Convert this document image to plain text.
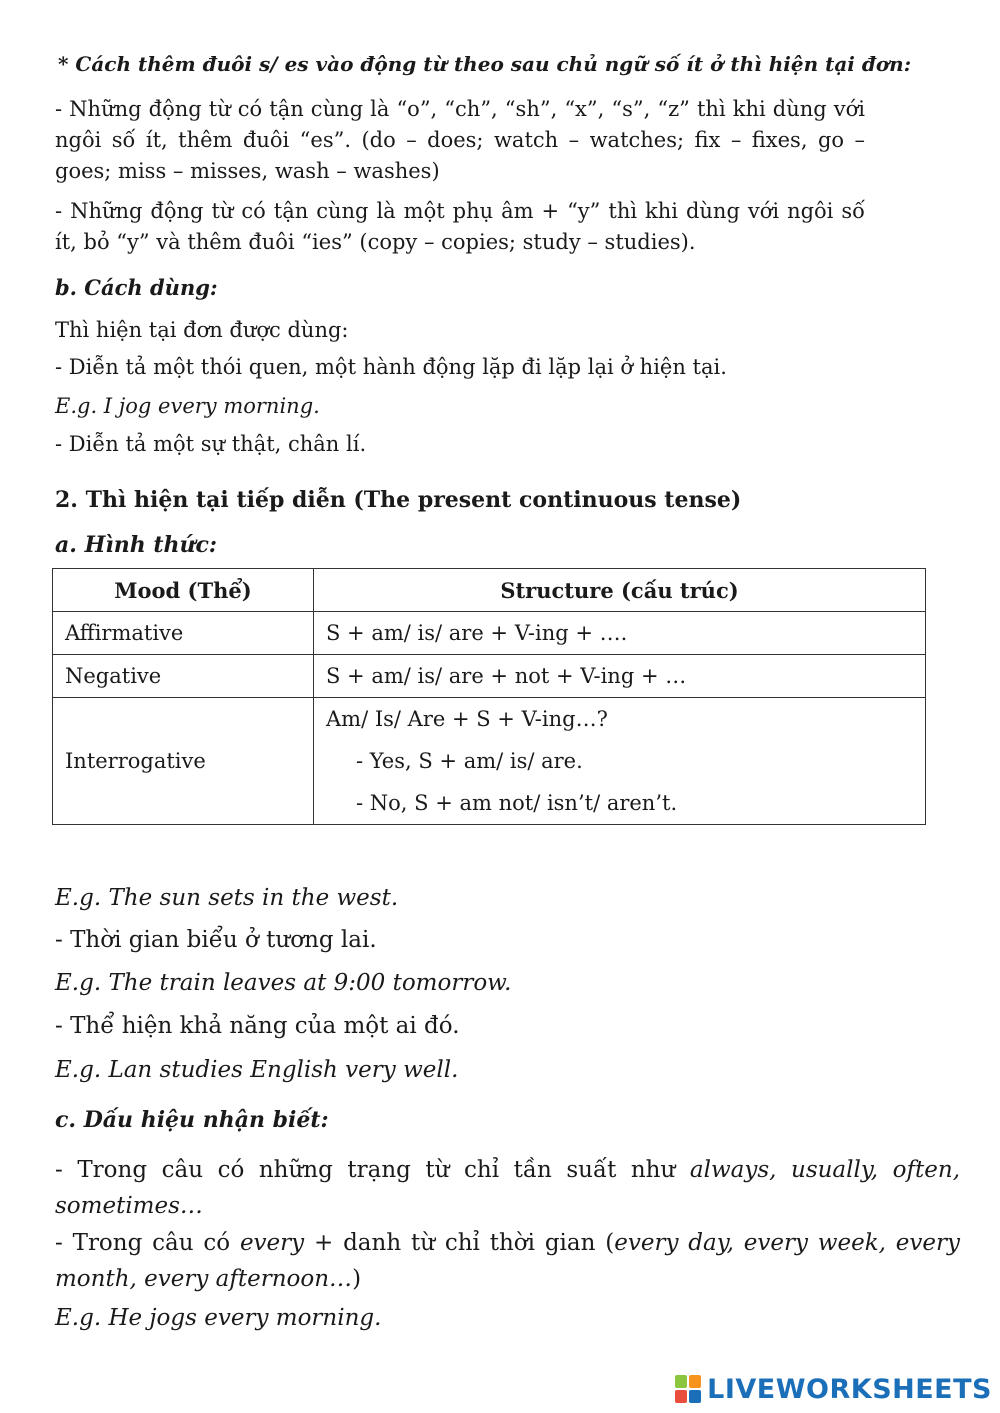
* Cách thêm đuôi s/ es vào động từ theo sau chủ ngữ số ít ở thì hiện tại đơn:
- Những động từ có tận cùng là “o”, “ch”, “sh”, “x”, “s”, “z” thì khi dùng với ngôi số ít, thêm đuôi “es”. (do – does; watch – watches; fix – fixes, go – goes; miss – misses, wash – washes)
- Những động từ có tận cùng là một phụ âm + “y” thì khi dùng với ngôi số ít, bỏ “y” và thêm đuôi “ies” (copy – copies; study – studies).
b. Cách dùng:
Thì hiện tại đơn được dùng:
- Diễn tả một thói quen, một hành động lặp đi lặp lại ở hiện tại.
E.g. I jog every morning.
- Diễn tả một sự thật, chân lí.
2. Thì hiện tại tiếp diễn (The present continuous tense)
a. Hình thức:
Mood (Thể)	Structure (cấu trúc)
Affirmative	S + am/ is/ are + V-ing + ….
Negative	S + am/ is/ are + not + V-ing + …
Interrogative	Am/ Is/ Are + S + V-ing…?
- Yes, S + am/ is/ are.
- No, S + am not/ isn’t/ aren’t.
E.g. The sun sets in the west.
- Thời gian biểu ở tương lai.
E.g. The train leaves at 9:00 tomorrow.
- Thể hiện khả năng của một ai đó.
E.g. Lan studies English very well.
c. Dấu hiệu nhận biết:
- Trong câu có những trạng từ chỉ tần suất như always, usually, often, sometimes…
- Trong câu có every + danh từ chỉ thời gian (every day, every week, every month, every afternoon…)
E.g. He jogs every morning.
LIVEWORKSHEETS
